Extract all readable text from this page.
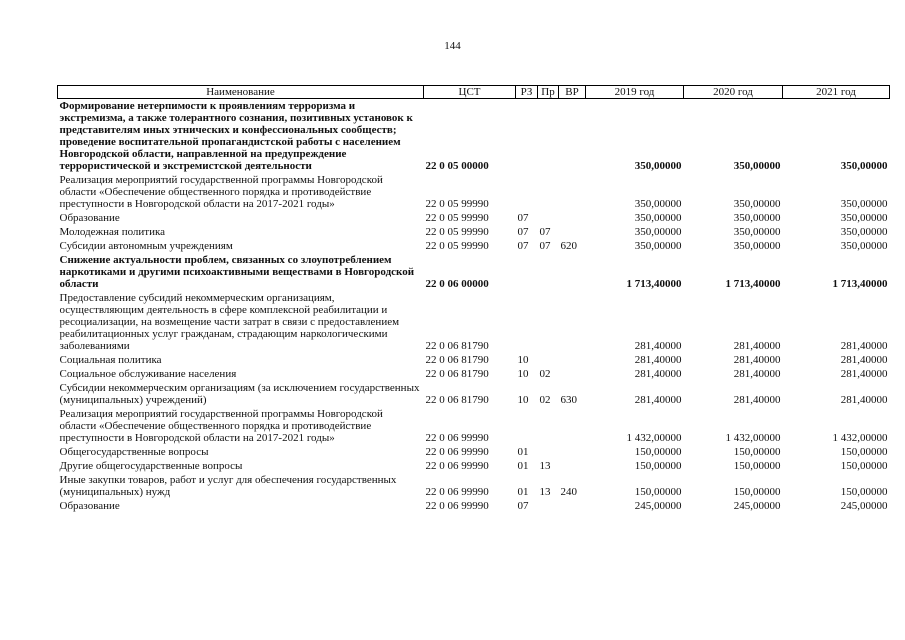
144
Наименование	ЦСТ	РЗ	Пр	ВР	2019 год	2020 год	2021 год
Формирование нетерпимости к проявлениям терроризма и экстремизма, а также толерантного сознания, позитивных установок к представителям иных этнических и конфессиональных сообществ; проведение воспитательной пропагандистской работы с населением Новгородской области, направленной на предупреждение террористической и экстремистской деятельности	22 0 05 00000				350,00000	350,00000	350,00000
Реализация мероприятий государственной программы Новгородской области «Обеспечение общественного порядка и противодействие преступности в Новгородской области на 2017-2021 годы»	22 0 05 99990				350,00000	350,00000	350,00000
Образование	22 0 05 99990	07			350,00000	350,00000	350,00000
Молодежная политика	22 0 05 99990	07	07		350,00000	350,00000	350,00000
Субсидии автономным учреждениям	22 0 05 99990	07	07	620	350,00000	350,00000	350,00000
Снижение актуальности проблем, связанных со злоупотреблением наркотиками и другими психоактивными веществами в Новгородской области	22 0 06 00000				1 713,40000	1 713,40000	1 713,40000
Предоставление субсидий некоммерческим организациям, осуществляющим деятельность в сфере комплексной реабилитации и ресоциализации, на возмещение части затрат в связи с предоставлением реабилитационных услуг гражданам, страдающим наркологическими заболеваниями	22 0 06 81790				281,40000	281,40000	281,40000
Социальная политика	22 0 06 81790	10			281,40000	281,40000	281,40000
Социальное обслуживание населения	22 0 06 81790	10	02		281,40000	281,40000	281,40000
Субсидии некоммерческим организациям (за исключением государственных (муниципальных) учреждений)	22 0 06 81790	10	02	630	281,40000	281,40000	281,40000
Реализация мероприятий государственной программы Новгородской области «Обеспечение общественного порядка и противодействие преступности в Новгородской области на 2017-2021 годы»	22 0 06 99990				1 432,00000	1 432,00000	1 432,00000
Общегосударственные вопросы	22 0 06 99990	01			150,00000	150,00000	150,00000
Другие общегосударственные вопросы	22 0 06 99990	01	13		150,00000	150,00000	150,00000
Иные закупки товаров, работ и услуг для обеспечения государственных (муниципальных) нужд	22 0 06 99990	01	13	240	150,00000	150,00000	150,00000
Образование	22 0 06 99990	07			245,00000	245,00000	245,00000
